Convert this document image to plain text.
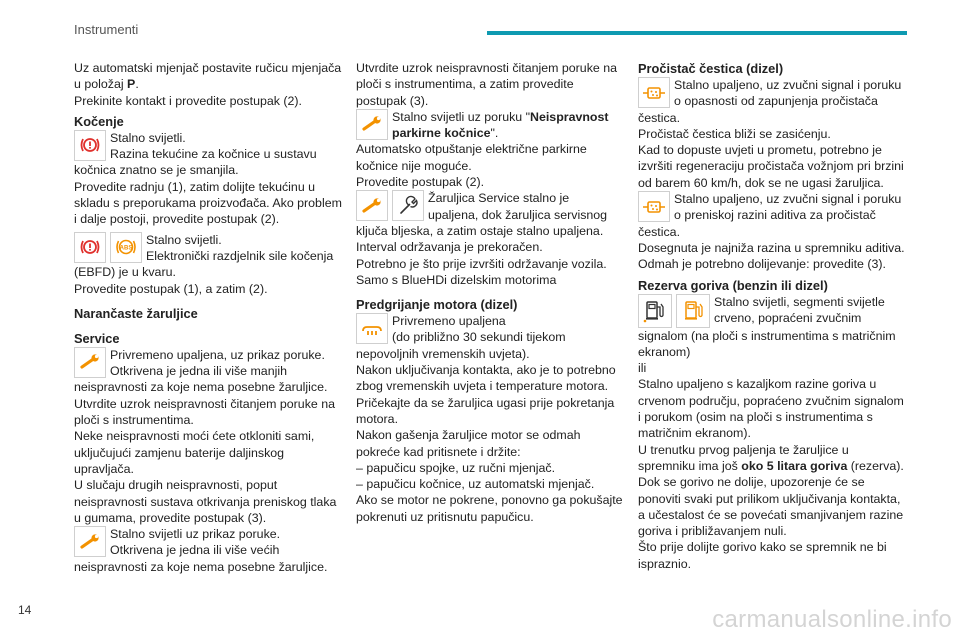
Instrumenti

Uz automatski mjenjač postavite ručicu mjenjača u položaj P.

Prekinite kontakt i provedite postupak (2).

Kočenje

Stalno svijetli.

Razina tekućine za kočnice u sustavu

kočnica znatno se je smanjila.

Provedite radnju (1), zatim dolijte tekućinu u skladu s preporukama proizvođača. Ako problem i dalje postoji, provedite postupak (2).

ABS

Stalno svijetli.

Elektronički razdjelnik sile kočenja

(EBFD) je u kvaru.

Provedite postupak (1), a zatim (2).

Narančaste žaruljice
Service

Privremeno upaljena, uz prikaz poruke.

Otkrivena je jedna ili više manjih

neispravnosti za koje nema posebne žaruljice.

Utvrdite uzrok neispravnosti čitanjem poruke na ploči s instrumentima.

Neke neispravnosti moći ćete otkloniti sami, uključujući zamjenu baterije daljinskog upravljača.

U slučaju drugih neispravnosti, poput neispravnosti sustava otkrivanja preniskog tlaka u gumama, provedite postupak (3).

Stalno svijetli uz prikaz poruke.

Otkrivena je jedna ili više većih

neispravnosti za koje nema posebne žaruljice.

Utvrdite uzrok neispravnosti čitanjem poruke na ploči s instrumentima, a zatim provedite postupak (3).

Stalno svijetli uz poruku "Neispravnost

parkirne kočnice".

Automatsko otpuštanje električne parkirne kočnice nije moguće.

Provedite postupak (2).

Žaruljica Service stalno je

upaljena, dok žaruljica servisnog

ključa bljeska, a zatim ostaje stalno upaljena.

Interval održavanja je prekoračen.

Potrebno je što prije izvršiti održavanje vozila.

Samo s BlueHDi dizelskim motorima

Predgrijanje motora (dizel)

Privremeno upaljena

(do približno 30 sekundi tijekom

nepovoljnih vremenskih uvjeta).

Nakon uključivanja kontakta, ako je to potrebno zbog vremenskih uvjeta i temperature motora.

Pričekajte da se žaruljica ugasi prije pokretanja motora.

Nakon gašenja žaruljice motor se odmah pokreće kad pritisnete i držite:

– papučicu spojke, uz ručni mjenjač.

– papučicu kočnice, uz automatski mjenjač.

Ako se motor ne pokrene, ponovno ga pokušajte pokrenuti uz pritisnutu papučicu.

Pročistač čestica (dizel)

Stalno upaljeno, uz zvučni signal i poruku

o opasnosti od zapunjenja pročistača

čestica.

Pročistač čestica bliži se zasićenju.

Kad to dopuste uvjeti u prometu, potrebno je izvršiti regeneraciju pročistača vožnjom pri brzini od barem 60 km/h, dok se ne ugasi žaruljica.

Stalno upaljeno, uz zvučni signal i poruku

o preniskoj razini aditiva za pročistač

čestica.

Dosegnuta je najniža razina u spremniku aditiva.

Odmah je potrebno dolijevanje: provedite (3).

Rezerva goriva (benzin ili dizel)

Stalno svijetli, segmenti svijetle

crveno, popraćeni zvučnim

signalom (na ploči s instrumentima s matričnim ekranom)

ili

Stalno upaljeno s kazaljkom razine goriva u crvenom području, popraćeno zvučnim signalom i porukom (osim na ploči s instrumentima s matričnim ekranom).

U trenutku prvog paljenja te žaruljice u spremniku ima još oko 5 litara goriva (rezerva).

Dok se gorivo ne dolije, upozorenje će se ponoviti svaki put prilikom uključivanja kontakta, a učestalost će se povećati smanjivanjem razine goriva i približavanjem nuli.

Što prije dolijte gorivo kako se spremnik ne bi ispraznio.

14	carmanualsonline.info
